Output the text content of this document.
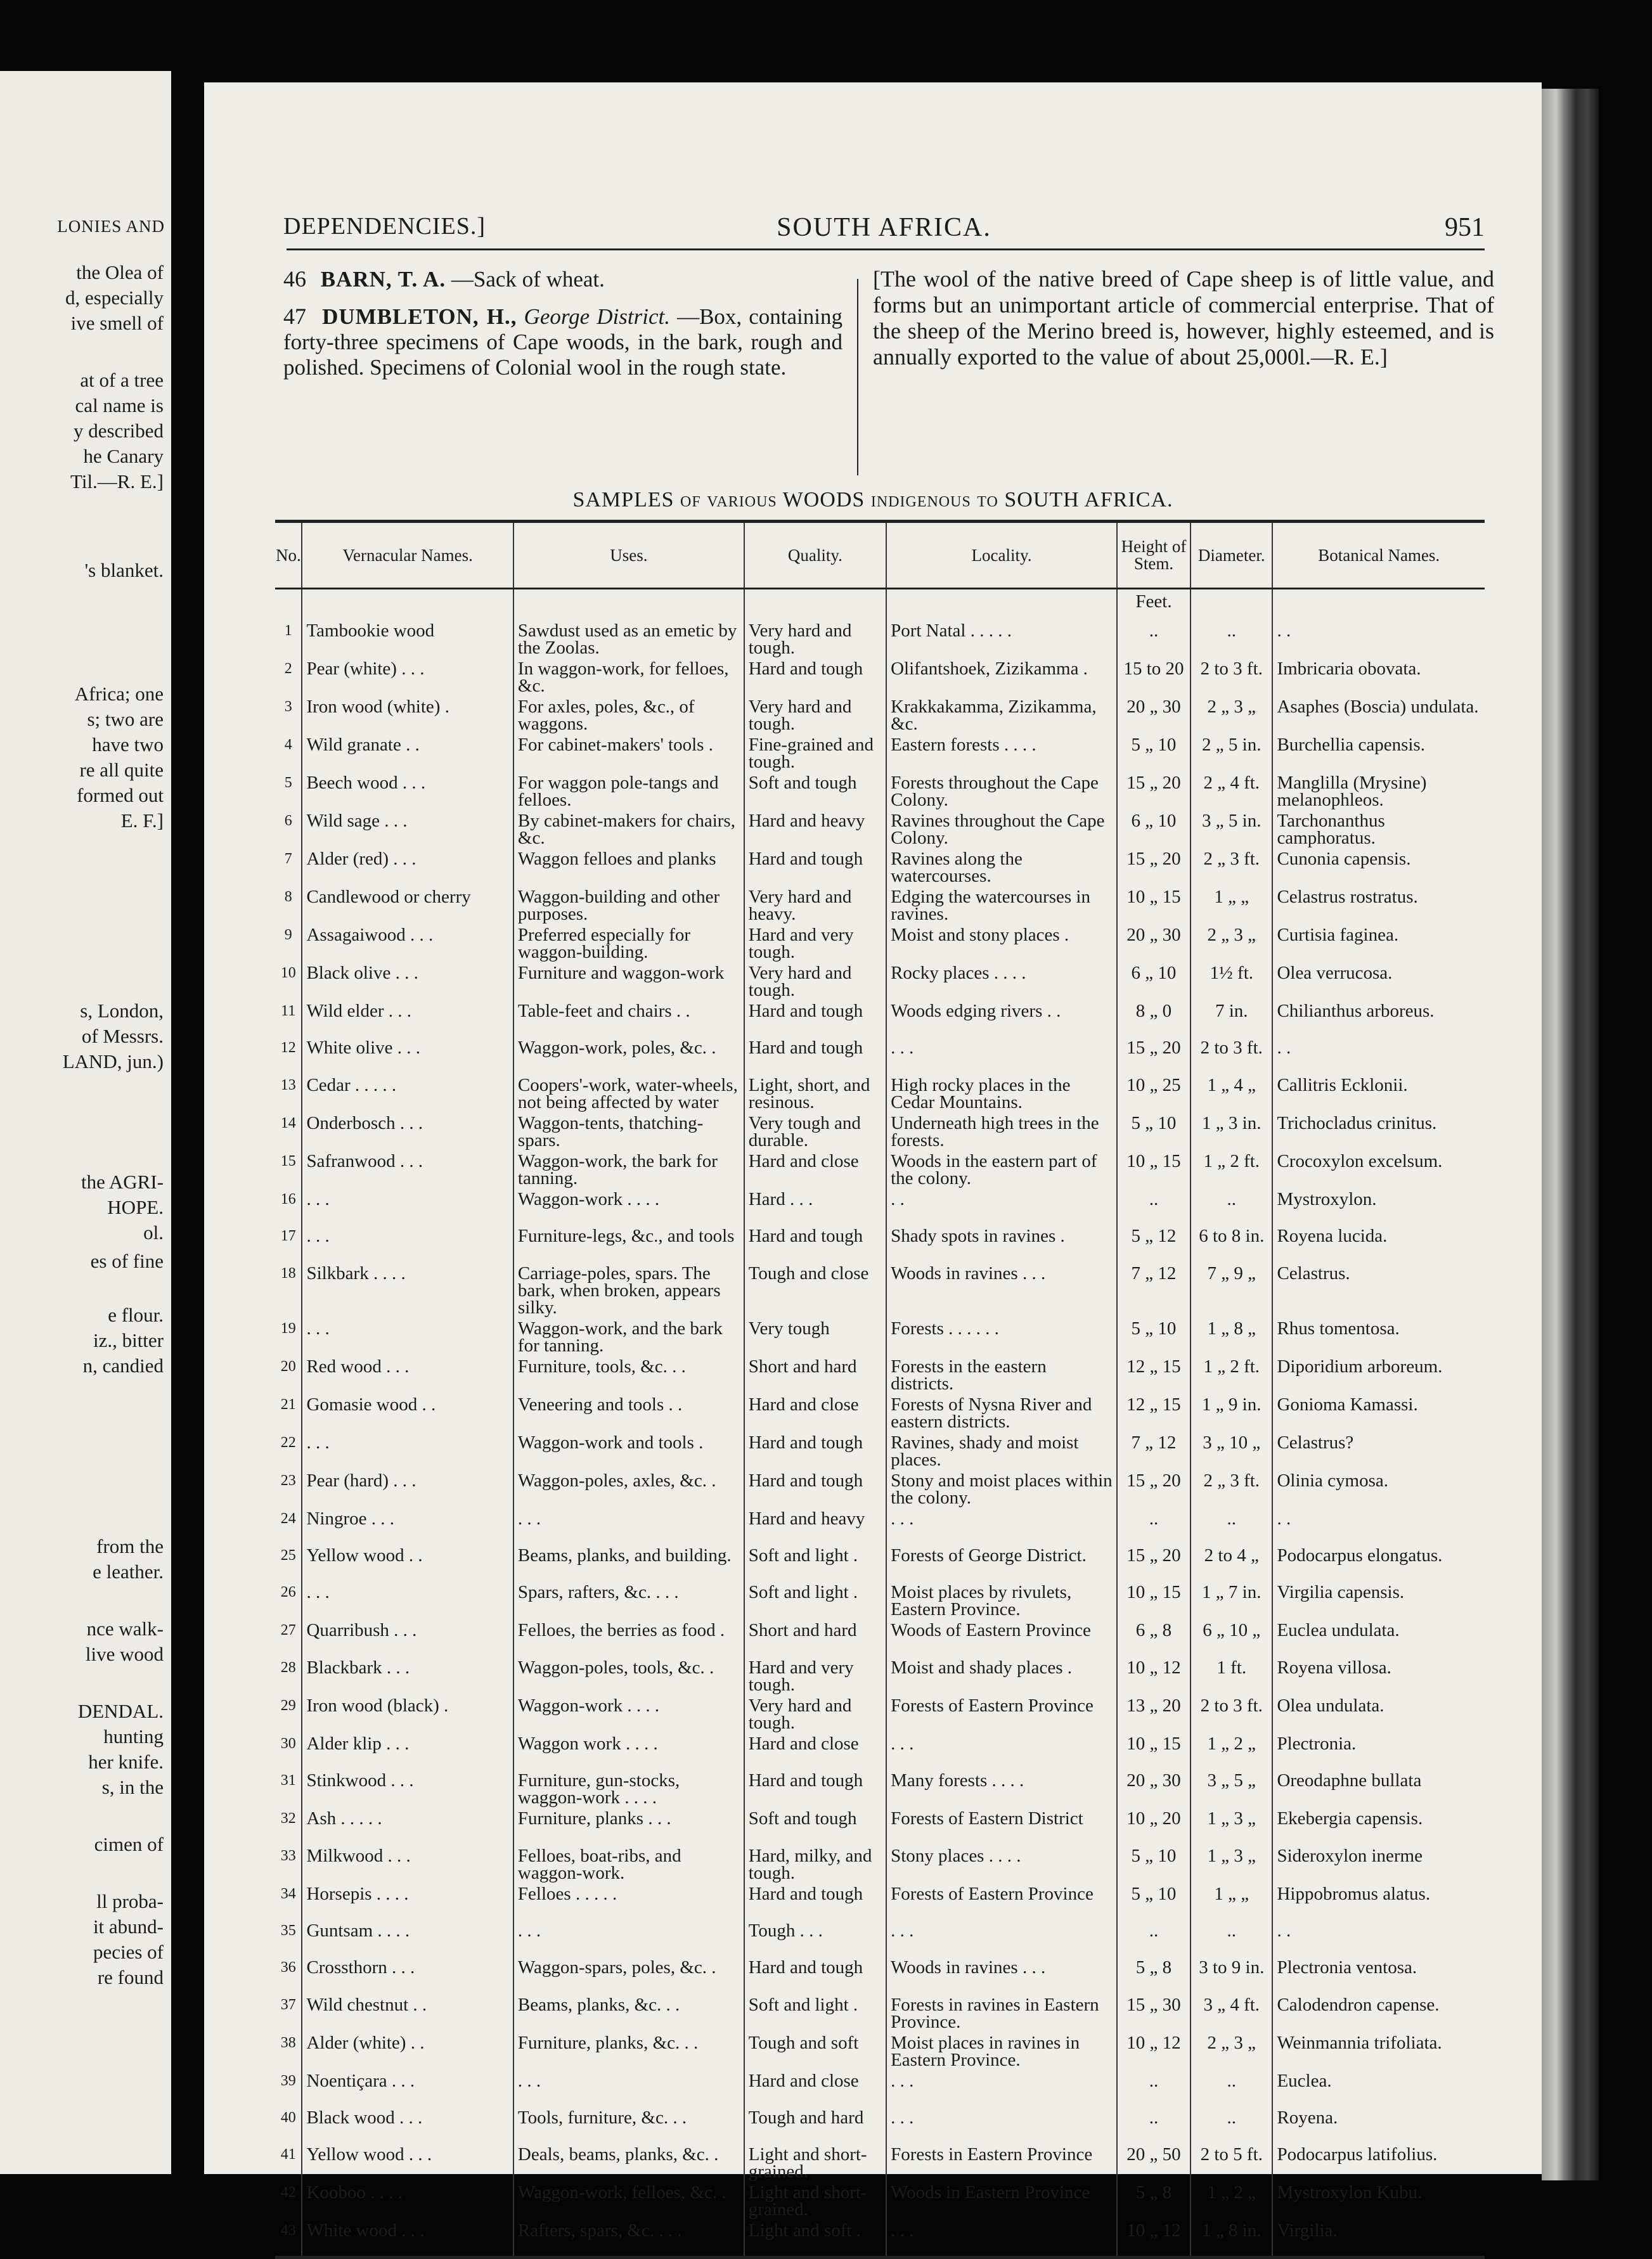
LONIES AND
the Olea of
d, especially
ive smell of
at of a tree
cal name is
y described
he Canary
Til.—R. E.]
's blanket.
Africa; one
s; two are
have two
re all quite
formed out
E. F.]
s, London,
of Messrs.
LAND, jun.)
the AGRI-
HOPE.
ol.
es of fine
e flour.
iz., bitter
n, candied
from the
e leather.
nce walk-
live wood
DENDAL.
hunting
her knife.
s, in the
cimen of
ll proba-
it abund-
pecies of
re found
DEPENDENCIES.]	SOUTH AFRICA.	951
46 BARN, T. A. —Sack of wheat.
47 DUMBLETON, H., George District. —Box, containing forty-three specimens of Cape woods, in the bark, rough and polished. Specimens of Colonial wool in the rough state.
[The wool of the native breed of Cape sheep is of little value, and forms but an unimportant article of commercial enterprise. That of the sheep of the Merino breed is, however, highly esteemed, and is annually exported to the value of about 25,000l.—R. E.]
SAMPLES of various WOODS indigenous to SOUTH AFRICA.
No.	Vernacular Names.	Uses.	Quality.	Locality.	Height of Stem.	Diameter.	Botanical Names.
					Feet.		
1	Tambookie wood	Sawdust used as an emetic by the Zoolas.	Very hard and tough.	Port Natal . . . . .	..	..	. .
2	Pear (white) . . .	In waggon-work, for felloes, &c.	Hard and tough	Olifantshoek, Zizikamma .	15 to 20	2 to 3 ft.	Imbricaria obovata.
3	Iron wood (white) .	For axles, poles, &c., of waggons.	Very hard and tough.	Krakkakamma, Zizikamma, &c.	20 „ 30	2 „ 3 „	Asaphes (Boscia) undulata.
4	Wild granate . .	For cabinet-makers' tools .	Fine-grained and tough.	Eastern forests . . . .	5 „ 10	2 „ 5 in.	Burchellia capensis.
5	Beech wood . . .	For waggon pole-tangs and felloes.	Soft and tough	Forests throughout the Cape Colony.	15 „ 20	2 „ 4 ft.	Manglilla (Mrysine) melanophleos.
6	Wild sage . . .	By cabinet-makers for chairs, &c.	Hard and heavy	Ravines throughout the Cape Colony.	6 „ 10	3 „ 5 in.	Tarchonanthus camphoratus.
7	Alder (red) . . .	Waggon felloes and planks	Hard and tough	Ravines along the watercourses.	15 „ 20	2 „ 3 ft.	Cunonia capensis.
8	Candlewood or cherry	Waggon-building and other purposes.	Very hard and heavy.	Edging the watercourses in ravines.	10 „ 15	1 „ „	Celastrus rostratus.
9	Assagaiwood . . .	Preferred especially for waggon-building.	Hard and very tough.	Moist and stony places .	20 „ 30	2 „ 3 „	Curtisia faginea.
10	Black olive . . .	Furniture and waggon-work	Very hard and tough.	Rocky places . . . .	6 „ 10	1½ ft.	Olea verrucosa.
11	Wild elder . . .	Table-feet and chairs . .	Hard and tough	Woods edging rivers . .	8 „ 0	7 in.	Chilianthus arboreus.
12	White olive . . .	Waggon-work, poles, &c. .	Hard and tough	. . .	15 „ 20	2 to 3 ft.	. .
13	Cedar . . . . .	Coopers'-work, water-wheels, not being affected by water	Light, short, and resinous.	High rocky places in the Cedar Mountains.	10 „ 25	1 „ 4 „	Callitris Ecklonii.
14	Onderbosch . . .	Waggon-tents, thatching-spars.	Very tough and durable.	Underneath high trees in the forests.	5 „ 10	1 „ 3 in.	Trichocladus crinitus.
15	Safranwood . . .	Waggon-work, the bark for tanning.	Hard and close	Woods in the eastern part of the colony.	10 „ 15	1 „ 2 ft.	Crocoxylon excelsum.
16	. . .	Waggon-work . . . .	Hard . . .	. .	..	..	Mystroxylon.
17	. . .	Furniture-legs, &c., and tools	Hard and tough	Shady spots in ravines .	5 „ 12	6 to 8 in.	Royena lucida.
18	Silkbark . . . .	Carriage-poles, spars. The bark, when broken, appears silky.	Tough and close	Woods in ravines . . .	7 „ 12	7 „ 9 „	Celastrus.
19	. . .	Waggon-work, and the bark for tanning.	Very tough	Forests . . . . . .	5 „ 10	1 „ 8 „	Rhus tomentosa.
20	Red wood . . .	Furniture, tools, &c. . .	Short and hard	Forests in the eastern districts.	12 „ 15	1 „ 2 ft.	Diporidium arboreum.
21	Gomasie wood . .	Veneering and tools . .	Hard and close	Forests of Nysna River and eastern districts.	12 „ 15	1 „ 9 in.	Gonioma Kamassi.
22	. . .	Waggon-work and tools .	Hard and tough	Ravines, shady and moist places.	7 „ 12	3 „ 10 „	Celastrus?
23	Pear (hard) . . .	Waggon-poles, axles, &c. .	Hard and tough	Stony and moist places within the colony.	15 „ 20	2 „ 3 ft.	Olinia cymosa.
24	Ningroe . . .	. . .	Hard and heavy	. . .	..	..	. .
25	Yellow wood . .	Beams, planks, and building.	Soft and light .	Forests of George District.	15 „ 20	2 to 4 „	Podocarpus elongatus.
26	. . .	Spars, rafters, &c. . . .	Soft and light .	Moist places by rivulets, Eastern Province.	10 „ 15	1 „ 7 in.	Virgilia capensis.
27	Quarribush . . .	Felloes, the berries as food .	Short and hard	Woods of Eastern Province	6 „ 8	6 „ 10 „	Euclea undulata.
28	Blackbark . . .	Waggon-poles, tools, &c. .	Hard and very tough.	Moist and shady places .	10 „ 12	1 ft.	Royena villosa.
29	Iron wood (black) .	Waggon-work . . . .	Very hard and tough.	Forests of Eastern Province	13 „ 20	2 to 3 ft.	Olea undulata.
30	Alder klip . . .	Waggon work . . . .	Hard and close	. . .	10 „ 15	1 „ 2 „	Plectronia.
31	Stinkwood . . .	Furniture, gun-stocks, waggon-work . . . .	Hard and tough	Many forests . . . .	20 „ 30	3 „ 5 „	Oreodaphne bullata
32	Ash . . . . .	Furniture, planks . . .	Soft and tough	Forests of Eastern District	10 „ 20	1 „ 3 „	Ekebergia capensis.
33	Milkwood . . .	Felloes, boat-ribs, and waggon-work.	Hard, milky, and tough.	Stony places . . . .	5 „ 10	1 „ 3 „	Sideroxylon inerme
34	Horsepis . . . .	Felloes . . . . .	Hard and tough	Forests of Eastern Province	5 „ 10	1 „ „	Hippobromus alatus.
35	Guntsam . . . .	. . .	Tough . . .	. . .	..	..	. .
36	Crossthorn . . .	Waggon-spars, poles, &c. .	Hard and tough	Woods in ravines . . .	5 „ 8	3 to 9 in.	Plectronia ventosa.
37	Wild chestnut . .	Beams, planks, &c. . .	Soft and light .	Forests in ravines in Eastern Province.	15 „ 30	3 „ 4 ft.	Calodendron capense.
38	Alder (white) . .	Furniture, planks, &c. . .	Tough and soft	Moist places in ravines in Eastern Province.	10 „ 12	2 „ 3 „	Weinmannia trifoliata.
39	Noentiçara . . .	. . .	Hard and close	. . .	..	..	Euclea.
40	Black wood . . .	Tools, furniture, &c. . .	Tough and hard	. . .	..	..	Royena.
41	Yellow wood . . .	Deals, beams, planks, &c. .	Light and short-grained.	Forests in Eastern Province	20 „ 50	2 to 5 ft.	Podocarpus latifolius.
42	Kooboo . . . .	Waggon-work, felloes, &c. .	Light and short-grained.	Woods in Eastern Province	5 „ 8	1 „ 2 „	Mystroxylon Kubu.
43	White wood . . .	Rafters, spars, &c. . . .	Light and soft .	. . .	10 „ 12	1 „ 8 in.	Virgilia.
